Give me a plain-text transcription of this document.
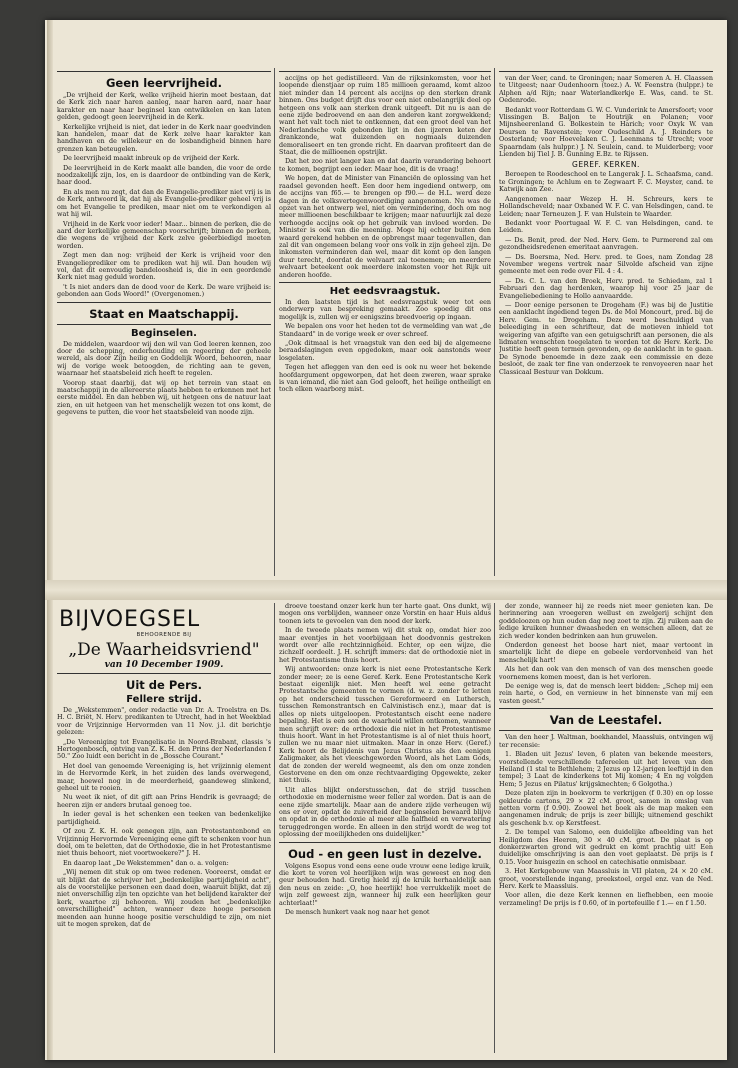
Geen leervrijheid.

„De vrijheid der Kerk, welke vrijheid hierin moet bestaan, dat de Kerk zich naar haren aanleg, naar haren aard, naar haar karakter en naar haar beginsel kan ontwikkelen en kan laten gelden, gedoogt geen leervrijheid in de Kerk.

Kerkelijke vrijheid is niet, dat ieder in de Kerk naar goedvinden kan handelen, maar dat de Kerk zelve haar karakter kan handhaven en de willekeur en de losbandigheid binnen hare grenzen kan beteugelen.

De leervrijheid maakt inbreuk op de vrijheid der Kerk.

De leervrijheid in de Kerk maakt alle banden, die voor de orde noodzakelijk zijn, los, en is daardoor de ontbinding van de Kerk, haar dood.

En als men nu zegt, dat dan de Evangelie-prediker niet vrij is in de Kerk, antwoord ik, dat hij als Evangelie-prediker geheel vrij is om het Evangelie te prediken, maar niet om te verkondigen al wat hij wil.

Vrijheid in de Kerk voor ieder! Maar... binnen de perken, die de aard der kerkelijke gemeenschap voorschrijft; binnen de perken, die wegens de vrijheid der Kerk zelve geëerbiedigd moeten worden.

Zegt men dan nog: vrijheid der Kerk is vrijheid voor den Evangelieprediker om te prediken wat hij wil. Dan houden wij vol, dat dit eenvoudig bandeloosheid is, die in een geordende Kerk niet mag geduld worden.

't Is niet anders dan de dood voor de Kerk. De ware vrijheid is: gebonden aan Gods Woord!" (Overgenomen.)

Staat en Maatschappij.
Beginselen.

De middelen, waardoor wij den wil van God leeren kennen, zoo door de schepping, onderhouding en regeering der geheele wereld, als door Zijn heilig en Goddelijk Woord, behooren, naar wij de vorige week betoogden, de richting aan te geven, waarnaar het staatsbeleid zich heeft te regelen.

Voorop staat daarbij, dat wij op het terrein van staat en maatschappij in de allereerste plaats hebben te erkennen met het eerste middel. En dan hebben wij, uit hetgeen ons de natuur laat zien, en uit hetgeen van het menschelijk wezen tot ons komt, de gegevens te putten, die voor het staatsbeleid van noode zijn.

accijns op het gedistilleerd. Van de rijksinkomsten, voor het loopende dienstjaar op ruim 185 millioen geraamd, komt alzoo niet minder dan 14 percent als accijns op den sterken drank binnen. Ons budget drijft dus voor een niet onbelangrijk deel op hetgeen ons volk aan sterken drank uitgeeft. Dit nu is aan de eene zijde bedroevend en aan den anderen kant zorgwekkend; want het valt toch niet te ontkennen, dat een groot deel van het Nederlandsche volk gebonden ligt in den ijzeren keten der drankzonde, wat duizenden en nogmaals duizenden demoraliseert en ten gronde richt. En daarvan profiteert dan de Staat, die de millioenen opstrijkt.

Dat het zoo niet langer kan en dat daarin verandering behoort te komen, begrijpt een ieder. Maar hoe, dit is de vraag!

We hopen, dat de Minister van Financiën de oplossing van het raadsel gevonden heeft. Een door hem ingediend ontwerp, om de accijns van f65.— te brengen op f90.— de H.L. werd deze dagen in de volksvertegenwoordiging aangenomen. Nu was de opzet van het ontwerp wel, niet om vermindering, doch om nog meer millioenen beschikbaar te krijgen; maar natuurlijk zal deze verhoogde accijns ook op het gebruik van invloed worden. De Minister is ook van die meening. Moge hij echter buiten den waard gerekend hebben en de opbrengst maar tegenvallen, dan zal dit van ongemeen belang voor ons volk in zijn geheel zijn. De inkomsten verminderen dan wel, maar dit komt op den langen duur terecht, doordat de welvaart zal toenemen; en meerdere welvaart beteekent ook meerdere inkomsten voor het Rijk uit anderen hoofde.

Het eedsvraagstuk.

In den laatsten tijd is het eedsvraagstuk weer tot een onderwerp van bespreking gemaakt. Zoo spoedig dit ons mogelijk is, zullen wij er eenigszins breedvoerig op ingaan.

We bepalen ons voor het heden tot de vermelding van wat „de Standaard" in de vorige week er over schreef.

„Ook ditmaal is het vraagstuk van den eed bij de algemeene beraadslagingen even opgedoken, maar ook aanstonds weer losgelaten.

Tegen het afleggen van den eed is ook nu weer het bekende hoofdargument opgeworpen, dat het deen zweren, waar sprake is van iemand, die niet aan God gelooft, het heilige ontheiligt en toch elken waarborg mist.

van der Veer, cand. te Groningen; naar Someren A. H. Claassen te Uitgeest; naar Oudenhoorn (toez.) A. W. Feenstra (hulppr.) te Alphen a/d Rijn; naar Waterlandkerkje E. Was, cand. te St. Oedenrode.

Bedankt voor Rotterdam G. W. C. Vunderink te Amersfoort; voor Vlissingen B. Baljon te Houtrijk en Polanen; voor Mijnsheerenland G. Bolkestein te Harich; voor Oxyk W. van Deursen te Ravenstein; voor Oudeschild A. J. Reinders te Oosterland; voor Hoevelaken C. J. Leenmans te Utrecht; voor Spaarndam (als hulppr.) J. N. Seulein, cand. te Muiderberg; voor Lienden bij Tiel J. B. Gunning E.Bz. te Rijssen.

GEREF. KERKEN.

Beroepen te Roodeschool en te Langerak J. L. Schaafsma, cand. te Groningen; te Achlum en te Zegwaart F. C. Meyster, cand. te Katwijk aan Zee.

Aangenomen naar Wezep H. H. Schreurs, kers te Hollandscheveld; naar Oxbaned W. F. C. van Helsdingen, cand. te Leiden; naar Terneuzen J. F. van Hulstein te Waarder.

Bedankt voor Poortugaal W. F. C. van Helsdingen, cand. te Leiden.

— Ds. Benit, pred. der Ned. Herv. Gem. te Purmerend zal om gezondheidsredenen emeritaat aanvragen.

— Ds. Boersma, Ned. Herv. pred. te Goes, nam Zondag 28 November wegens vertrek naar Silvolde afscheid van zijne gemeente met een rede over Fil. 4 : 4.

— Ds. C. L. van den Broek, Herv. pred. te Schiedam, zal 1 Februari den dag herdenken, waarop hij voor 25 jaar de Evangeliebediening te Hollo aanvaardde.

— Door eenige personen te Drogeham (F.) was bij de Justitie een aanklacht ingediend tegen Ds. de Mol Moncourt, pred. bij de Herv. Gem. te Drogeham. Deze werd beschuldigd van beleediging in een schrifteur, dat de motieven inhield tot weigering van afgifte van een getuigschrift aan personen, die als lidmaten wenschten toegelaten te worden tot de Herv. Kerk. De Justitie heeft geen termen gevonden, op de aanklacht in te gaan. De Synode benoemde in deze zaak een commissie en deze besloot, de zaak ter fine van onderzoek te renvoyeeren naar het Classicaal Bestuur van Dokkum.

BIJVOEGSEL
BEHOORENDE BIJ
„De Waarheidsvriend"
van 10 December 1909.
Uit de Pers.
Fellere strijd.

De „Wekstemmen", onder redactie van Dr. A. Troelstra en Ds. H. C. Briët, N. Herv. predikanten te Utrecht, had in het Weekblad voor de Vrijzinnige Hervormden van 11 Nov. j.l. dit berichtje gelezen:

„De Vereeniging tot Evangelisatie in Noord-Brabant, classis 's Hertogenbosch, ontving van Z. K. H. den Prins der Nederlanden f 50." Zoo luidt een bericht in de „Bossche Courant."

Het doel van genoemde Vereeniging is, het vrijzinnig element in de Hervormde Kerk, in het zuiden des lands overwegend, maar, hoewel nog in de meerderheid, gaandeweg slinkend, geheel uit te rooien.

Nu weet ik niet, of dit gift aan Prins Hendrik is gevraagd; de heeren zijn er anders brutaal genoeg toe.

In ieder geval is het schenken een teeken van bedenkelijke partijdigheid.

Of zou Z. K. H. ook genegen zijn, aan Protestantenbond en Vrijzinnig Hervormde Vereeniging eene gift te schenken voor hun doel, om te beletten, dat de Orthodoxie, die in het Protestantisme niet thuis behoort, niet voortwoekere?" J. H.

En daarop laat „De Wekstemmen" dan o. a. volgen:

„Wij nemen dit stuk op om twee redenen. Vooreerst, omdat er uit blijkt dat de schrijver het „bedenkelijke partijdigheid acht", als de voorstelijke personen een daad doen, waaruit blijkt, dat zij niet onverschillig zijn ten opzichte van het belijdend karakter der kerk, waartoe zij behooren. Wij zouden het „bedenkelijke onverschilligheid" achten, wanneer deze hooge personen meenden aan hunne hooge positie verschuldigd te zijn, om niet uit te mogen spreken, dat de

droeve toestand onzer kerk hun ter harte gaat. Ons dunkt, wij mogen ons verblijden, wanneer onze Vorstin en haar Huis aldus toonen iets te gevoelen van den nood der kerk.

In de tweede plaats nemen wij dit stuk op, omdat hier zoo maar eventjes in het voorbijgaan het doodvonnis gestreken wordt over alle rechtzinnigheid. Echter, op een wijze, die zichzelf oordeelt. J. H. schrijft immers: dat de orthodoxie niet in het Protestantisme thuis hoort.

Wij antwoorden: onze kerk is niet eene Protestantsche Kerk zonder meer; ze is eene Geref. Kerk. Eene Protestantsche Kerk bestaat eigenlijk niet. Men heeft wel eene getracht Protestantsche gemeenten te vormen (d. w. z. zonder te letten op het onderscheid tusschen Gereformeerd en Luthersch, tusschen Remonstrantsch en Calvinistisch enz.), maar dat is alles op niets uitgeloopen. Protestantsch eischt eene nadere bepaling. Het is een son de waarheid willen ontkomen, wanneer men schrijft over: de orthodoxie die niet in het Protestantisme thuis hoort. Want in het Protestantisme is al of niet thuis hoort, zullen we nu maar niet uitmaken. Maar in onze Herv. (Geref.) Kerk hoort de Belijdenis van Jezus Christus als den eenigen Zaligmaker, als het vleeschgeworden Woord, als het Lam Gods, dat de zonden der wereld wegneemt, als den om onze zonden Gestorvene en den om onze rechtvaardiging Opgewekte, zeker niet thuis.

Uit alles blijkt onderstusschen, dat de strijd tusschen orthodoxie en modernisme weer feller zal worden. Dat is aan de eene zijde smartelijk. Maar aan de andere zijde verheugen wij ons er over, opdat de zuiverheid der beginselen bewaard blijve en opdat in de orthodoxie al meer alle halfheid en verwatering teruggedrongen worde. En alleen in den strijd wordt de weg tot oplossing der moeilijkheden ons duidelijker."

Oud - en geen lust in dezelve.

Volgens Esopus vond eens eene oude vrouw eene ledige kruik, die kort te voren vol heerlijken wijn was geweest en nog den geur behouden had. Gretig hield zij de kruik herhaaldelijk aan den neus en zeide: „O, hoe heerlijk! hoe verrukkelijk moet de wijn zelf geweest zijn, wanneer hij zulk een heerlijken geur achterlaat!"

De mensch hunkert vaak nog naar het genot

der zonde, wanneer hij ze reeds niet meer genieten kan. De herinnering aan vroegeren wellust en zwelgerij schijnt den goddeloozen op hun ouden dag nog zoet te zijn. Zij ruiken aan de ledige kruiken hunner dwaasheden en wenschen alleen, dat ze zich weder konden bedrinken aan hun gruwelen.

Onderdon geneest het boose hart niet, maar vertoont in smartelijk licht de diepe en gebeele verdorvenheid van het menschelijk hart!

Als het dan ook van den mensch of van des menschen goede voornemens komen moest, dan is het verloren.

De eenige weg is, dat de mensch leert bidden: „Schep mij een rein harte, o God, en vernieuw in het binnenste van mij een vasten geest."

Van de Leestafel.

Van den heer J. Waltman, boekhandel, Maassluis, ontvingen wij ter recensie:

1. Bladen uit Jezus' leven, 6 platen van bekende meesters, voorstellende verschillende tafereelen uit het leven van den Heiland (1 stal te Bethlehem; 2 Jezus op 12-jarigen leeftijd in den tempel; 3 Laat de kinderkens tot Mij komen; 4 En ng volgden Hem; 5 Jezus en Pilatus' krijgsknechten; 6 Golgotha.)

Deze platen zijn in boekvorm te verkrijgen (f 0.30) en op losse gekleurde cartons, 29 × 22 cM. groot, samen in omslag van netten vorm (f 0.90). Zoowel het boek als de map maken een aangenamen indruk; de prijs is zeer billijk; uitnemend geschikt als geschenk b.v. op Kerstfeest.

2. De tempel van Salomo, een duidelijke afbeelding van het Heiligdom des Heeren, 30 × 40 cM. groot. De plaat is op donkerzwarten grond wit gedrukt en komt prachtig uit! Een duidelijke omschrijving is aan den voet geplaatst. De prijs is f 0.15. Voor huisgezin en school en catechisatie onmisbaar.

3. Het Kerkgebouw van Maassluis in VII platen, 24 × 20 cM. groot, voorstellende ingang, preekstoel, orgel enz. van de Ned. Herv. Kerk te Maassluis.

Voor allen, die deze Kerk kennen en liefhebben, een mooie verzameling! De prijs is f 0.60, of in portefeuille f 1.— en f 1.50.
